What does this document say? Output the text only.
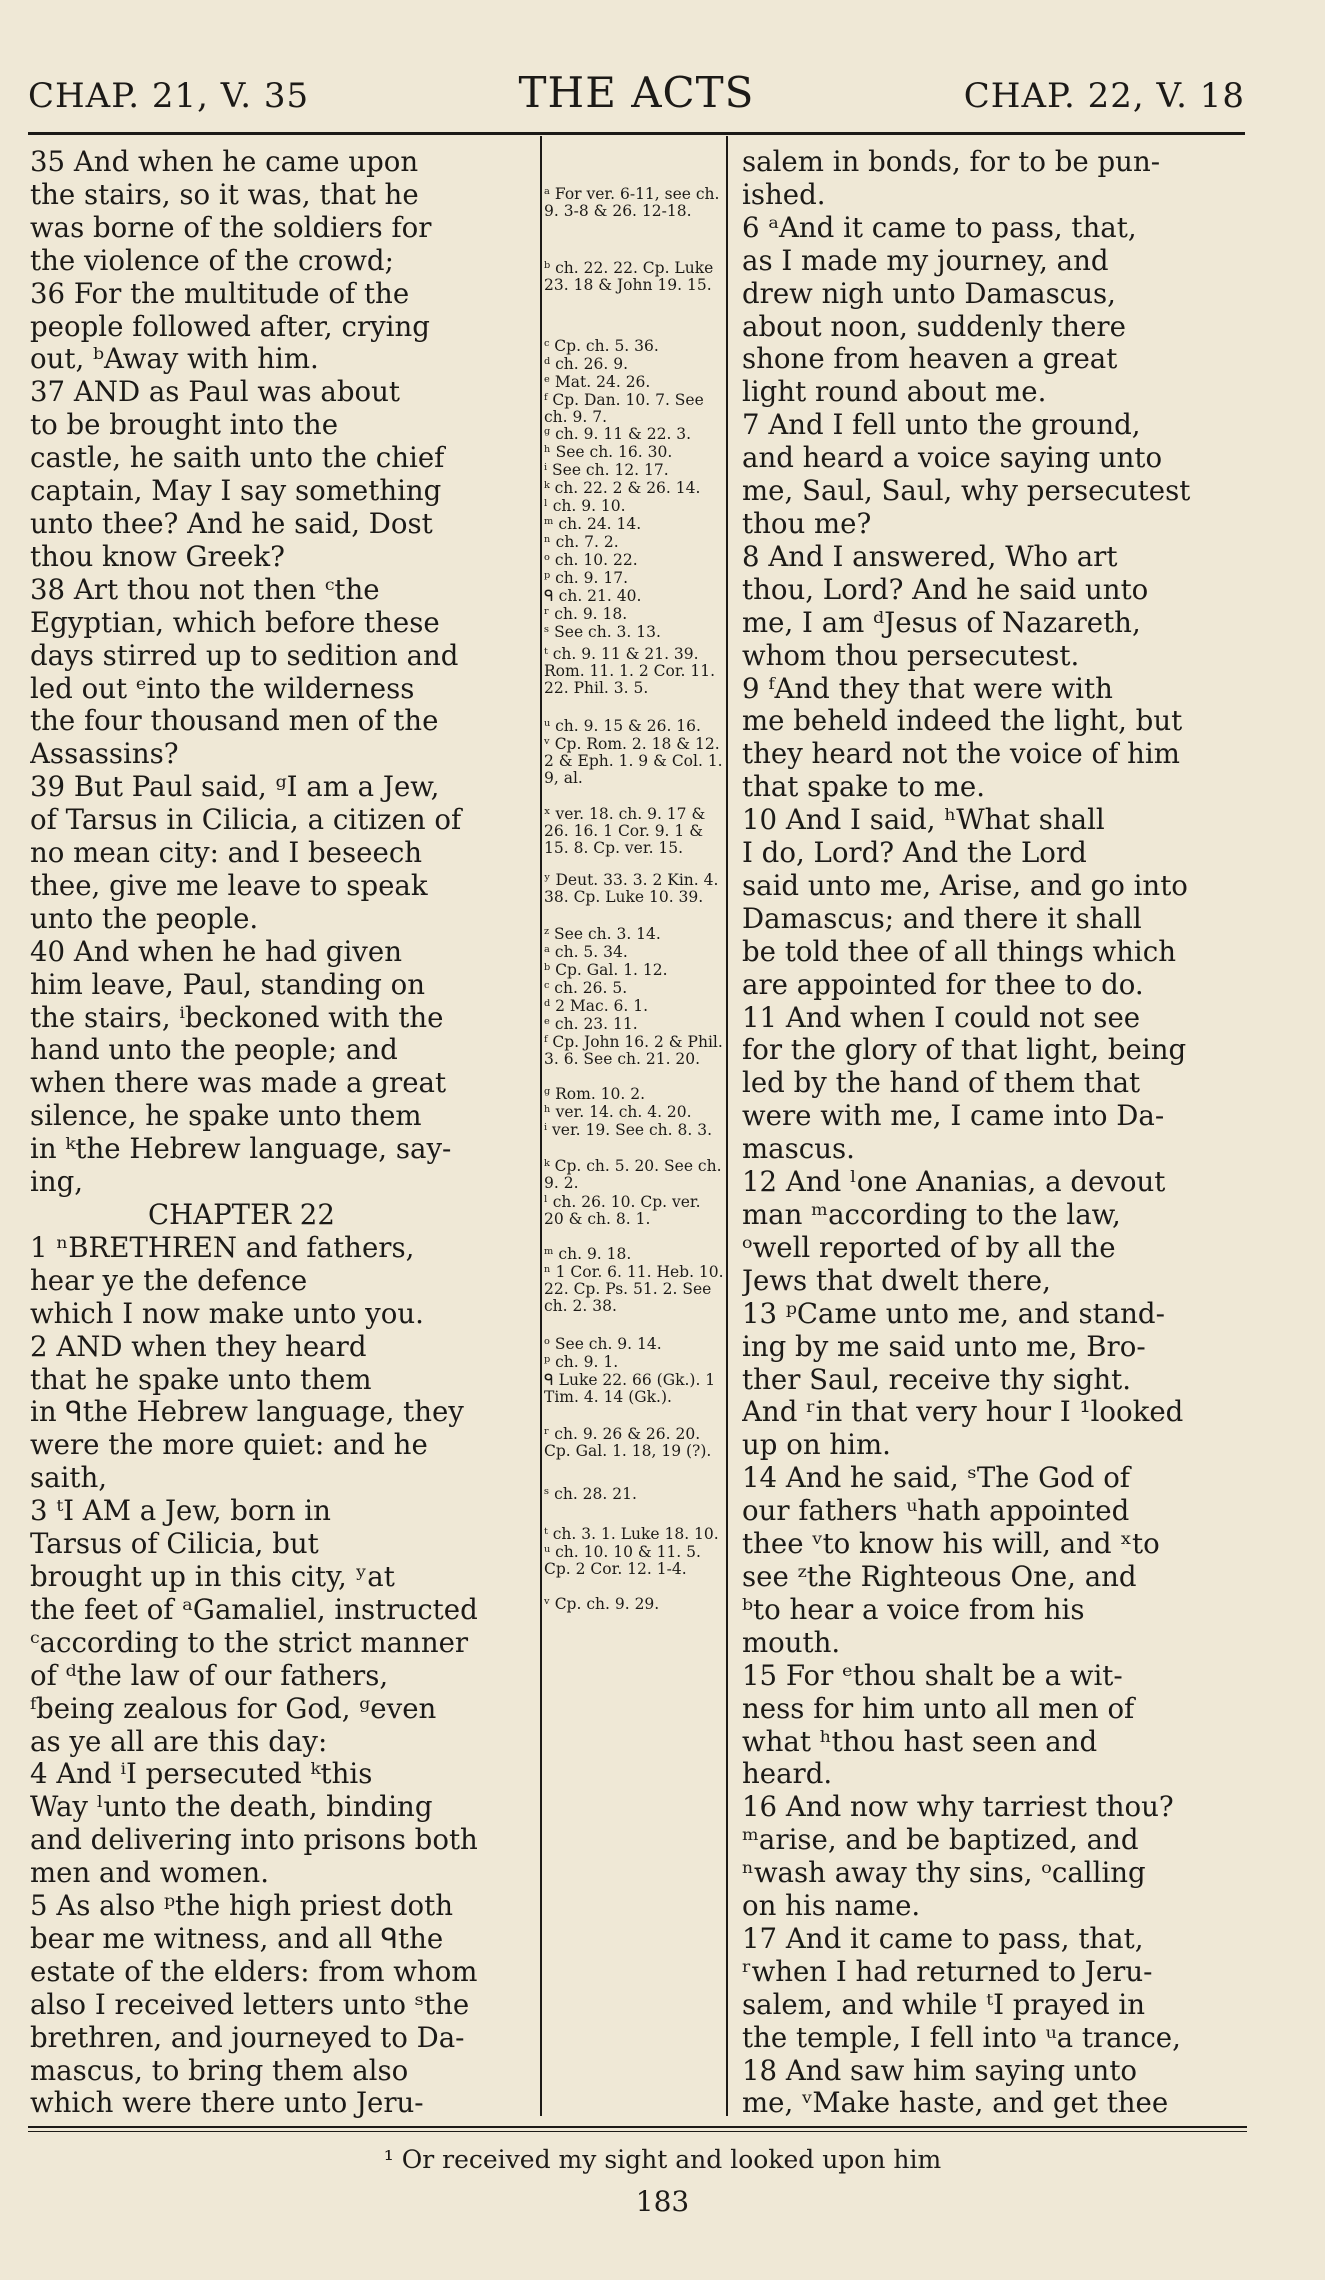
CHAP. 21, V. 35	THE ACTS	CHAP. 22, V. 18
35 And when he came upon
the stairs, so it was, that he
was borne of the soldiers for
the violence of the crowd;
36 For the multitude of the
people followed after, crying
out, ᵇAway with him.
37 AND as Paul was about
to be brought into the
castle, he saith unto the chief
captain, May I say something
unto thee? And he said, Dost
thou know Greek?
38 Art thou not then ᶜthe
Egyptian, which before these
days stirred up to sedition and
led out ᵉinto the wilderness
the four thousand men of the
Assassins?
39 But Paul said, ᵍI am a Jew,
of Tarsus in Cilicia, a citizen of
no mean city: and I beseech
thee, give me leave to speak
unto the people.
40 And when he had given
him leave, Paul, standing on
the stairs, ⁱbeckoned with the
hand unto the people; and
when there was made a great
silence, he spake unto them
in ᵏthe Hebrew language, say-
ing,
CHAPTER 22
1 ⁿBRETHREN and fathers,
hear ye the defence
which I now make unto you.
2 AND when they heard
that he spake unto them
in ᑫthe Hebrew language, they
were the more quiet: and he
saith,
3 ᵗI AM a Jew, born in
Tarsus of Cilicia, but
brought up in this city, ʸat
the feet of ᵃGamaliel, instructed
ᶜaccording to the strict manner
of ᵈthe law of our fathers,
ᶠbeing zealous for God, ᵍeven
as ye all are this day:
4 And ⁱI persecuted ᵏthis
Way ˡunto the death, binding
and delivering into prisons both
men and women.
5 As also ᵖthe high priest doth
bear me witness, and all ᑫthe
estate of the elders: from whom
also I received letters unto ˢthe
brethren, and journeyed to Da-
mascus, to bring them also
which were there unto Jeru-
ᵃ For ver. 6-11, see ch. 9. 3-8 & 26. 12-18.
ᵇ ch. 22. 22. Cp. Luke 23. 18 & John 19. 15.
ᶜ Cp. ch. 5. 36.
ᵈ ch. 26. 9.
ᵉ Mat. 24. 26.
ᶠ Cp. Dan. 10. 7. See ch. 9. 7.
ᵍ ch. 9. 11 & 22. 3.
ʰ See ch. 16. 30.
ⁱ See ch. 12. 17.
ᵏ ch. 22. 2 & 26. 14.
ˡ ch. 9. 10.
ᵐ ch. 24. 14.
ⁿ ch. 7. 2.
ᵒ ch. 10. 22.
ᵖ ch. 9. 17.
ᑫ ch. 21. 40.
ʳ ch. 9. 18.
ˢ See ch. 3. 13.
ᵗ ch. 9. 11 & 21. 39. Rom. 11. 1. 2 Cor. 11. 22. Phil. 3. 5.
ᵘ ch. 9. 15 & 26. 16.
ᵛ Cp. Rom. 2. 18 & 12. 2 & Eph. 1. 9 & Col. 1. 9, al.
ˣ ver. 18. ch. 9. 17 & 26. 16. 1 Cor. 9. 1 & 15. 8. Cp. ver. 15.
ʸ Deut. 33. 3. 2 Kin. 4. 38. Cp. Luke 10. 39.
ᶻ See ch. 3. 14.
ᵃ ch. 5. 34.
ᵇ Cp. Gal. 1. 12.
ᶜ ch. 26. 5.
ᵈ 2 Mac. 6. 1.
ᵉ ch. 23. 11.
ᶠ Cp. John 16. 2 & Phil. 3. 6. See ch. 21. 20.
ᵍ Rom. 10. 2.
ʰ ver. 14. ch. 4. 20.
ⁱ ver. 19. See ch. 8. 3.
ᵏ Cp. ch. 5. 20. See ch. 9. 2.
ˡ ch. 26. 10. Cp. ver. 20 & ch. 8. 1.
ᵐ ch. 9. 18.
ⁿ 1 Cor. 6. 11. Heb. 10. 22. Cp. Ps. 51. 2. See ch. 2. 38.
ᵒ See ch. 9. 14.
ᵖ ch. 9. 1.
ᑫ Luke 22. 66 (Gk.). 1 Tim. 4. 14 (Gk.).
ʳ ch. 9. 26 & 26. 20. Cp. Gal. 1. 18, 19 (?).
ˢ ch. 28. 21.
ᵗ ch. 3. 1. Luke 18. 10.
ᵘ ch. 10. 10 & 11. 5. Cp. 2 Cor. 12. 1-4.
ᵛ Cp. ch. 9. 29.
salem in bonds, for to be pun-
ished.
6 ᵃAnd it came to pass, that,
as I made my journey, and
drew nigh unto Damascus,
about noon, suddenly there
shone from heaven a great
light round about me.
7 And I fell unto the ground,
and heard a voice saying unto
me, Saul, Saul, why persecutest
thou me?
8 And I answered, Who art
thou, Lord? And he said unto
me, I am ᵈJesus of Nazareth,
whom thou persecutest.
9 ᶠAnd they that were with
me beheld indeed the light, but
they heard not the voice of him
that spake to me.
10 And I said, ʰWhat shall
I do, Lord? And the Lord
said unto me, Arise, and go into
Damascus; and there it shall
be told thee of all things which
are appointed for thee to do.
11 And when I could not see
for the glory of that light, being
led by the hand of them that
were with me, I came into Da-
mascus.
12 And ˡone Ananias, a devout
man ᵐaccording to the law,
ᵒwell reported of by all the
Jews that dwelt there,
13 ᵖCame unto me, and stand-
ing by me said unto me, Bro-
ther Saul, receive thy sight.
And ʳin that very hour I ¹looked
up on him.
14 And he said, ˢThe God of
our fathers ᵘhath appointed
thee ᵛto know his will, and ˣto
see ᶻthe Righteous One, and
ᵇto hear a voice from his
mouth.
15 For ᵉthou shalt be a wit-
ness for him unto all men of
what ʰthou hast seen and
heard.
16 And now why tarriest thou?
ᵐarise, and be baptized, and
ⁿwash away thy sins, ᵒcalling
on his name.
17 And it came to pass, that,
ʳwhen I had returned to Jeru-
salem, and while ᵗI prayed in
the temple, I fell into ᵘa trance,
18 And saw him saying unto
me, ᵛMake haste, and get thee
¹ Or received my sight and looked upon him
183
